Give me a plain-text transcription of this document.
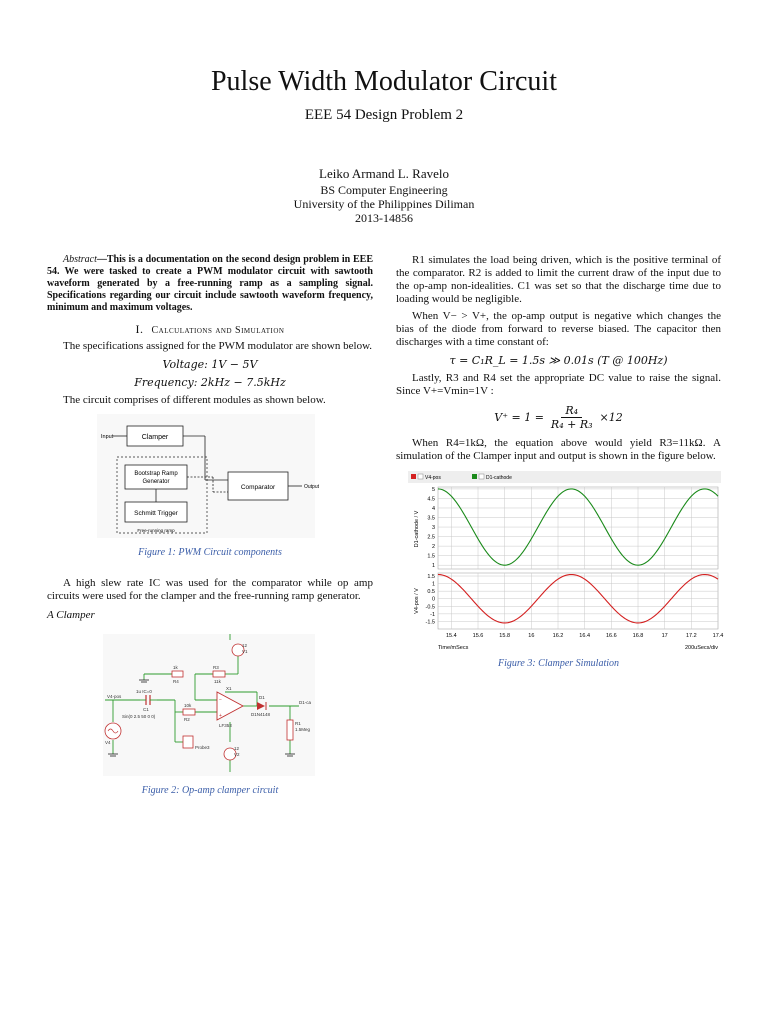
Pulse Width Modulator Circuit
EEE 54 Design Problem 2
Leiko Armand L. Ravelo
BS Computer Engineering
University of the Philippines Diliman
2013-14856

Abstract—This is a documentation on the second design problem in EEE 54. We were tasked to create a PWM modulator circuit with sawtooth waveform generated by a free-running ramp as a sampling signal. Specifications regarding our circuit include sawtooth waveform frequency, minimum and maximum voltages.

I. Calculations and Simulation

The specifications assigned for the PWM modulator are shown below.

Voltage: 1V − 5V
Frequency: 2kHz − 7.5kHz

The circuit comprises of different modules as shown below.

Input	Clamper
Bootstrap Ramp
Generator
Schmitt Trigger
Free-running ramp
Comparator	Output
Figure 1: PWM Circuit components

A high slew rate IC was used for the comparator while op amp circuits were used for the clamper and the free-running ramp generator.

A Clamper

−
+
12
V1
12
V2
1k
R4
R3
11k
10k
R2
1u IC=0
C1
X1
LF353
D1
D1N4148
R1
1.5Meg
V4-pos
D1-ca
V4
Sin(0 2.5 50 0 0)
Probe3
Figure 2: Op-amp clamper circuit

R1 simulates the load being driven, which is the positive terminal of the comparator. R2 is added to limit the current draw of the input due to the op-amp non-idealities. C1 was set so that the discharge time due to loading would be negligible.

When V− > V+, the op-amp output is negative which changes the bias of the diode from forward to reverse biased. The capacitor then discharges with a time constant of:

τ = C₁R_L = 1.5s ≫ 0.01s (T @ 100Hz)

Lastly, R3 and R4 set the appropriate DC value to raise the signal. Since V+=Vmin=1V :

$V^+ = 1 = \frac{\text{R₄}}{\text{R₄ + R₃}} \times 12$

When R4=1kΩ, the equation above would yield R3=11kΩ. A simulation of the Clamper input and output is shown in the figure below.

V4-pos	D1-cathode
D1-cathode / V
V4-pos / V
5
4.5
4
3.5
3
2.5
2
1.5
1
1.5
1
0.5
0
-0.5
-1
-1.5
15.4	15.6	15.8	16	16.2	16.4	16.6	16.8	17	17.2	17.4
Time/mSecs	200uSecs/div
Figure 3: Clamper Simulation
